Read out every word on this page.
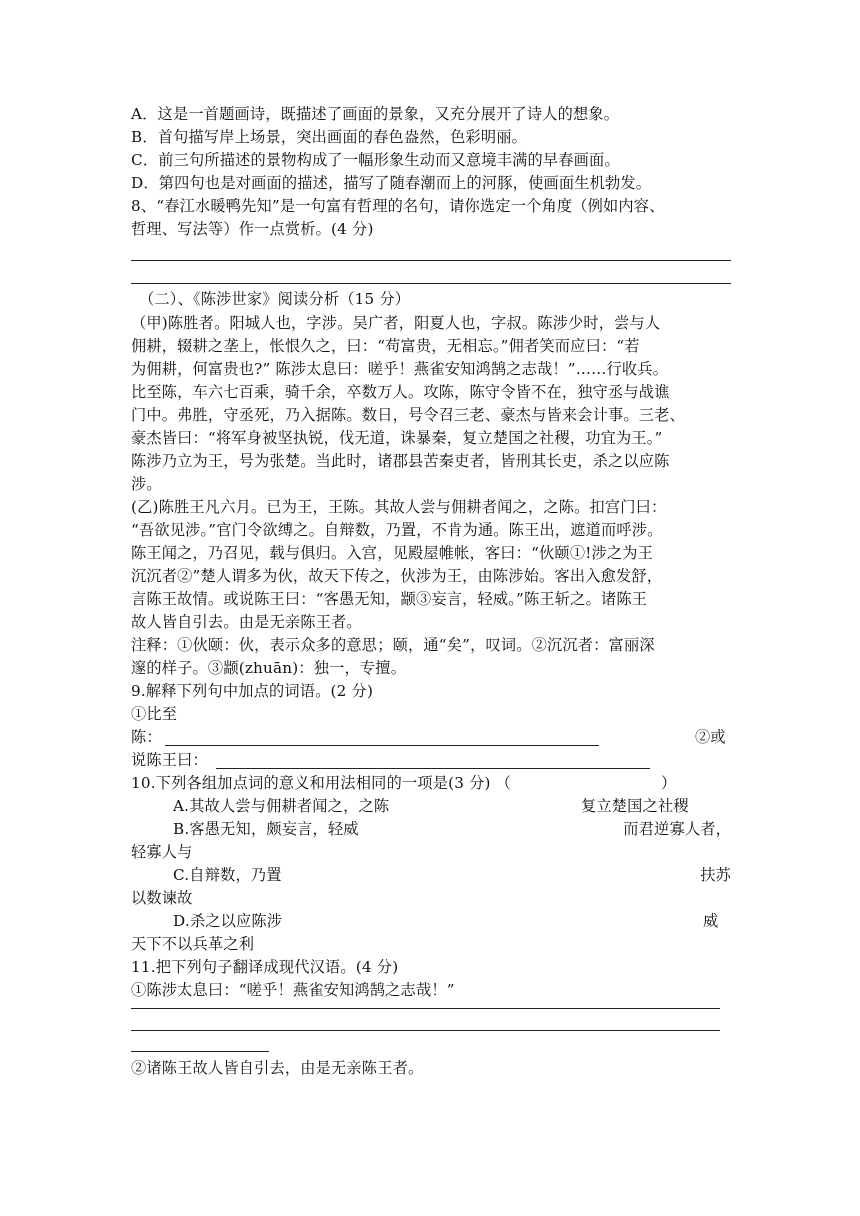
A．这是一首题画诗，既描述了画面的景象，又充分展开了诗人的想象。
B．首句描写岸上场景，突出画面的春色盎然，色彩明丽。
C．前三句所描述的景物构成了一幅形象生动而又意境丰满的早春画面。
D．第四句也是对画面的描述，描写了随春潮而上的河豚，使画面生机勃发。
8、“春江水暖鸭先知”是一句富有哲理的名句，请你选定一个角度（例如内容、
哲理、写法等）作一点赏析。(4 分)
（二）、《陈涉世家》阅读分析（15 分）
（甲)陈胜者。阳城人也，字涉。吴广者，阳夏人也，字叔。陈涉少时，尝与人
佣耕，辍耕之垄上，怅恨久之，曰：“苟富贵，无相忘。”佣者笑而应曰：“若
为佣耕，何富贵也?” 陈涉太息曰：嗟乎！燕雀安知鸿鹄之志哉！”……行收兵。
比至陈，车六七百乘，骑千余，卒数万人。攻陈，陈守令皆不在，独守丞与战谯
门中。弗胜，守丞死，乃入据陈。数日，号令召三老、豪杰与皆来会计事。三老、
豪杰皆曰：“将军身被坚执锐，伐无道，诛暴秦，复立楚国之社稷，功宜为王。”
陈涉乃立为王，号为张楚。当此时，诸郡县苦秦吏者，皆刑其长吏，杀之以应陈
涉。
(乙)陈胜王凡六月。已为王，王陈。其故人尝与佣耕者闻之，之陈。扣宫门曰：
“吾欲见涉。”官门令欲缚之。自辩数，乃置，不肯为通。陈王出，遮道而呼涉。
陈王闻之，乃召见，载与俱归。入宫，见殿屋帷帐，客曰：“伙颐①!涉之为王
沉沉者②”楚人谓多为伙，故天下传之，伙涉为王，由陈涉始。客出入愈发舒，
言陈王故情。或说陈王曰：“客愚无知，颛③妄言，轻威。”陈王斩之。诸陈王
故人皆自引去。由是无亲陈王者。
注释：①伙颐：伙，表示众多的意思；颐，通“矣”，叹词。②沉沉者：富丽深
邃的样子。③颛(zhuān)：独一，专擅。
9.解释下列句中加点的词语。(2 分)
①比至
陈：	②或
说陈王曰：
10.下列各组加点词的意义和用法相同的一项是(3 分) （	）
A.其故人尝与佣耕者闻之，之陈	复立楚国之社稷
B.客愚无知，颇妄言，轻威	而君逆寡人者，
轻寡人与
C.自辩数，乃置	扶苏
以数谏故
D.杀之以应陈涉	威
天下不以兵革之利
11.把下列句子翻译成现代汉语。(4 分)
①陈涉太息曰：“嗟乎！燕雀安知鸿鹄之志哉！”
②诸陈王故人皆自引去，由是无亲陈王者。
